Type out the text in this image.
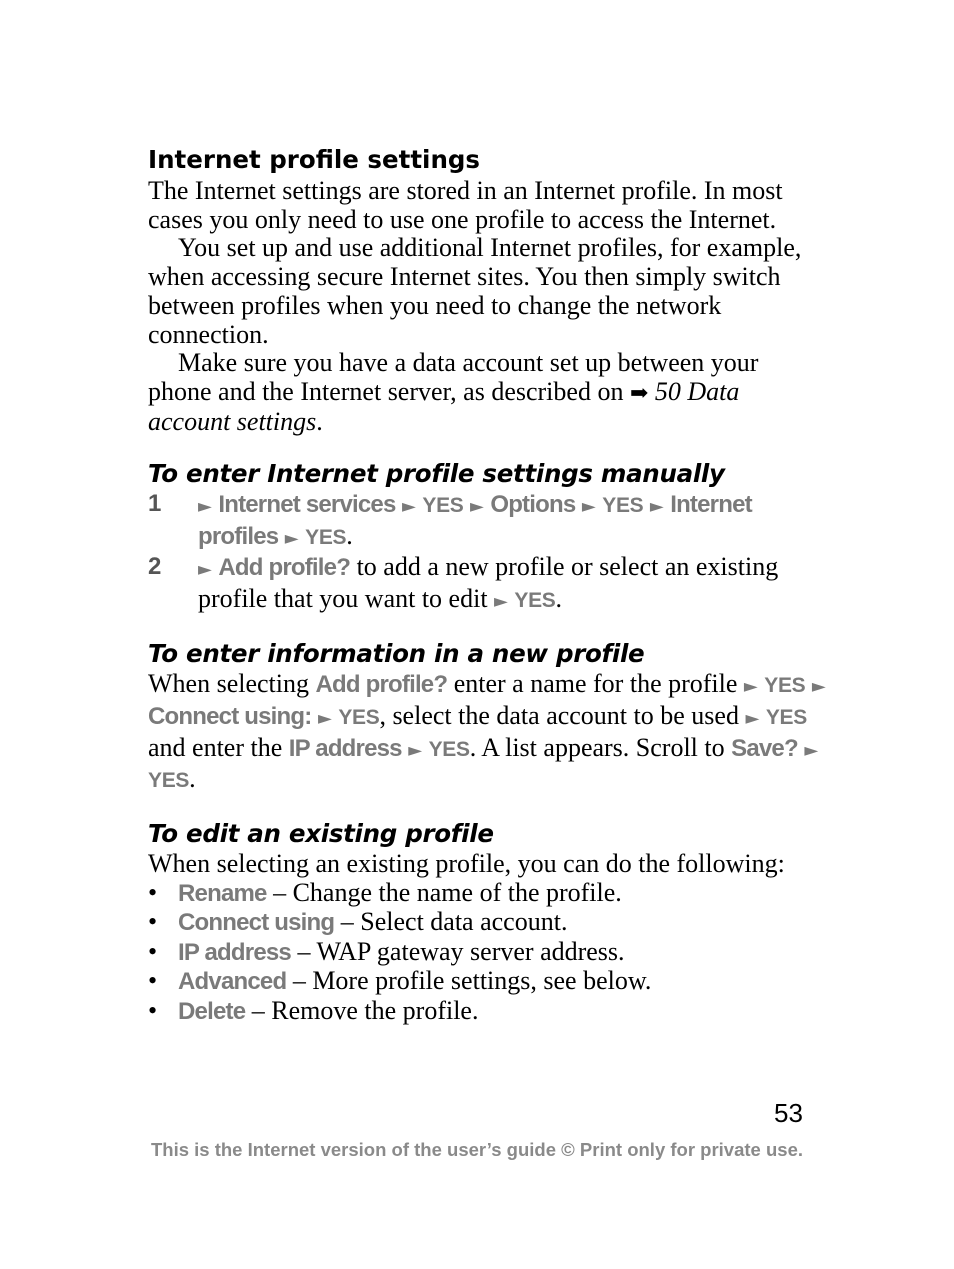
Internet profile settings

The Internet settings are stored in an Internet profile. In most cases you only need to use one profile to access the Internet.

You set up and use additional Internet profiles, for example, when accessing secure Internet sites. You then simply switch between profiles when you need to change the network connection.

Make sure you have a data account set up between your phone and the Internet server, as described on ➡ 50 Data account settings.

To enter Internet profile settings manually
1 ► Internet services ► YES ► Options ► YES ► Internet profiles ► YES.
2 ► Add profile? to add a new profile or select an existing profile that you want to edit ► YES.
To enter information in a new profile

When selecting Add profile? enter a name for the profile ► YES ► Connect using: ► YES, select the data account to be used ► YES and enter the IP address ► YES. A list appears. Scroll to Save? ► YES.

To edit an existing profile

When selecting an existing profile, you can do the following:

• Rename – Change the name of the profile.
• Connect using – Select data account.
• IP address – WAP gateway server address.
• Advanced – More profile settings, see below.
• Delete – Remove the profile.
53
This is the Internet version of the user’s guide © Print only for private use.
